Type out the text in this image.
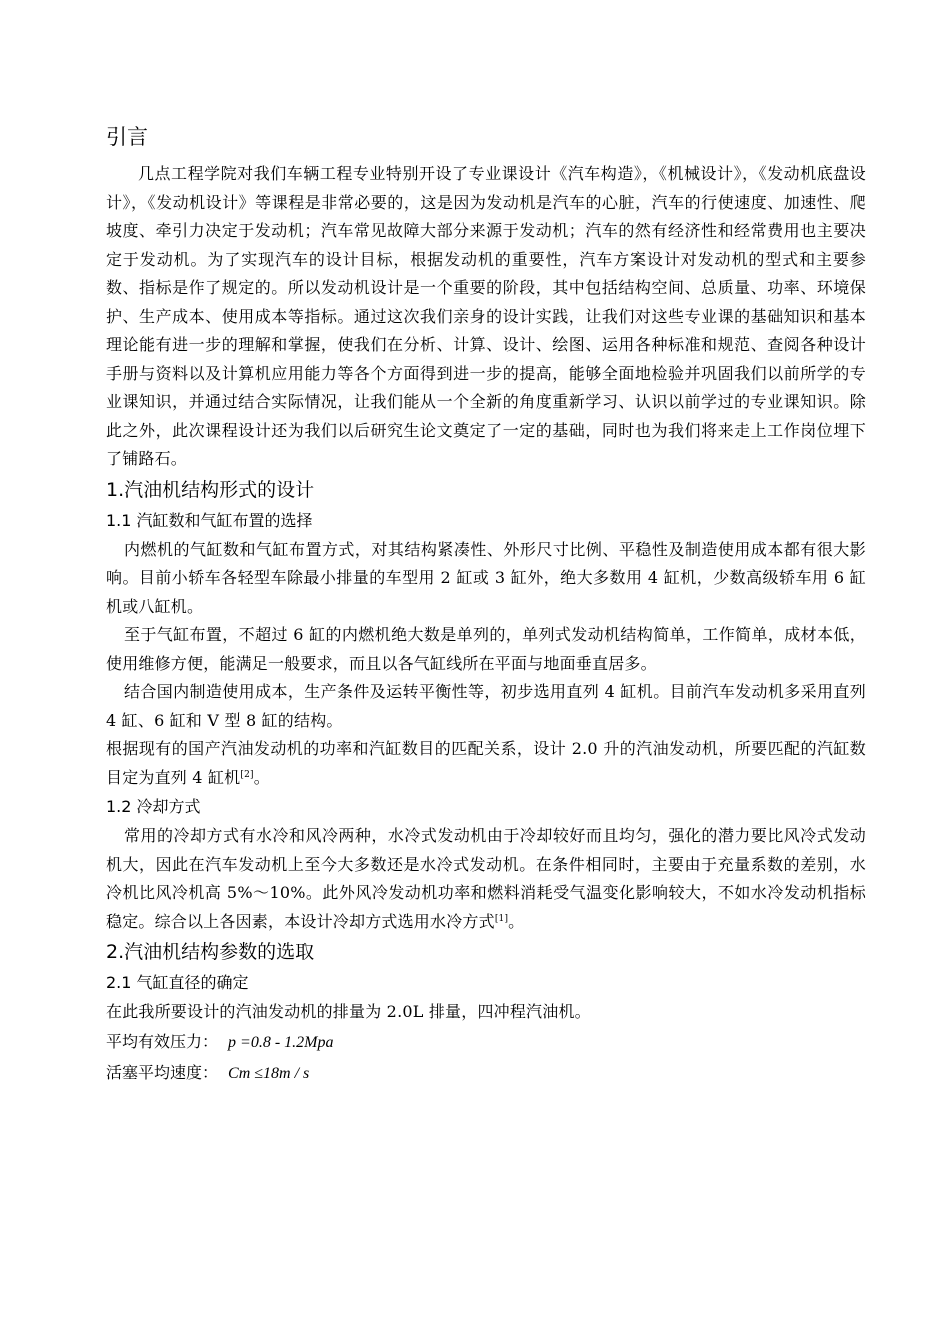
引言

几点工程学院对我们车辆工程专业特别开设了专业课设计《汽车构造》，《机械设计》，《发动机底盘设计》，《发动机设计》等课程是非常必要的，这是因为发动机是汽车的心脏，汽车的行使速度、加速性、爬坡度、牵引力决定于发动机；汽车常见故障大部分来源于发动机；汽车的然有经济性和经常费用也主要决定于发动机。为了实现汽车的设计目标，根据发动机的重要性，汽车方案设计对发动机的型式和主要参数、指标是作了规定的。所以发动机设计是一个重要的阶段，其中包括结构空间、总质量、功率、环境保护、生产成本、使用成本等指标。通过这次我们亲身的设计实践，让我们对这些专业课的基础知识和基本理论能有进一步的理解和掌握，使我们在分析、计算、设计、绘图、运用各种标准和规范、查阅各种设计手册与资料以及计算机应用能力等各个方面得到进一步的提高，能够全面地检验并巩固我们以前所学的专业课知识，并通过结合实际情况，让我们能从一个全新的角度重新学习、认识以前学过的专业课知识。除此之外，此次课程设计还为我们以后研究生论文奠定了一定的基础，同时也为我们将来走上工作岗位埋下了铺路石。

1.汽油机结构形式的设计
1.1 汽缸数和气缸布置的选择

内燃机的气缸数和气缸布置方式，对其结构紧凑性、外形尺寸比例、平稳性及制造使用成本都有很大影响。目前小轿车各轻型车除最小排量的车型用 2 缸或 3 缸外，绝大多数用 4 缸机，少数高级轿车用 6 缸机或八缸机。

至于气缸布置，不超过 6 缸的内燃机绝大数是单列的，单列式发动机结构简单，工作简单，成材本低，使用维修方便，能满足一般要求，而且以各气缸线所在平面与地面垂直居多。

结合国内制造使用成本，生产条件及运转平衡性等，初步选用直列 4 缸机。目前汽车发动机多采用直列 4 缸、6 缸和 V 型 8 缸的结构。

根据现有的国产汽油发动机的功率和汽缸数目的匹配关系，设计 2.0 升的汽油发动机，所要匹配的汽缸数目定为直列 4 缸机[2]。

1.2 冷却方式

常用的冷却方式有水冷和风冷两种，水冷式发动机由于冷却较好而且均匀，强化的潜力要比风冷式发动机大，因此在汽车发动机上至今大多数还是水冷式发动机。在条件相同时，主要由于充量系数的差别，水冷机比风冷机高 5%～10%。此外风冷发动机功率和燃料消耗受气温变化影响较大，不如水冷发动机指标稳定。综合以上各因素，本设计冷却方式选用水冷方式[1]。

2.汽油机结构参数的选取
2.1 气缸直径的确定

在此我所要设计的汽油发动机的排量为 2.0L 排量，四冲程汽油机。

平均有效压力： p =0.8 - 1.2Mpa
活塞平均速度： Cm ≤18m / s
